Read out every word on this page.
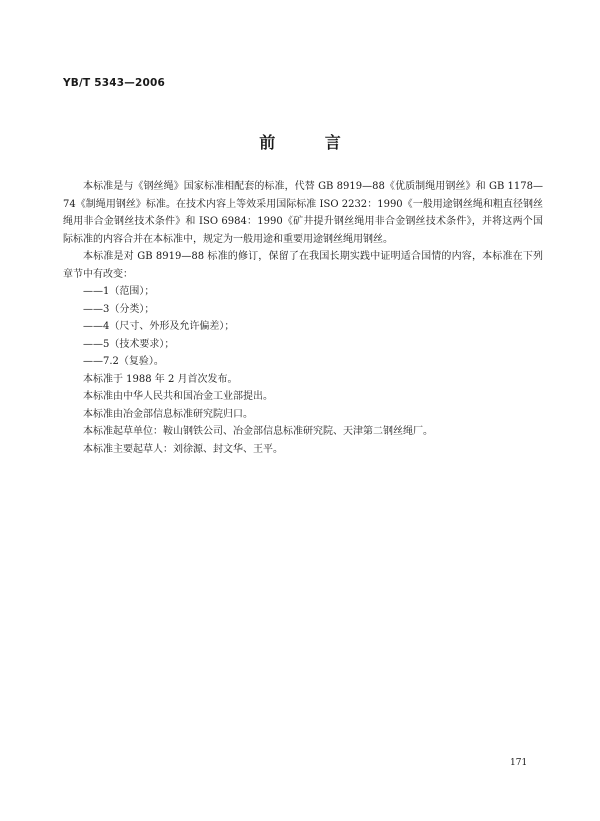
YB/T 5343—2006
前 言

本标准是与《钢丝绳》国家标准相配套的标准，代替 GB 8919—88《优质制绳用钢丝》和 GB 1178—74《制绳用钢丝》标准。在技术内容上等效采用国际标准 ISO 2232：1990《一般用途钢丝绳和粗直径钢丝绳用非合金钢丝技术条件》和 ISO 6984：1990《矿井提升钢丝绳用非合金钢丝技术条件》，并将这两个国际标准的内容合并在本标准中，规定为一般用途和重要用途钢丝绳用钢丝。

本标准是对 GB 8919—88 标准的修订，保留了在我国长期实践中证明适合国情的内容，本标准在下列章节中有改变：

——1（范围）；

——3（分类）；

——4（尺寸、外形及允许偏差）；

——5（技术要求）；

——7.2（复验）。

本标准于 1988 年 2 月首次发布。

本标准由中华人民共和国冶金工业部提出。

本标准由冶金部信息标准研究院归口。

本标准起草单位：鞍山钢铁公司、冶金部信息标准研究院、天津第二钢丝绳厂。

本标准主要起草人：刘徐源、封文华、王平。

171
